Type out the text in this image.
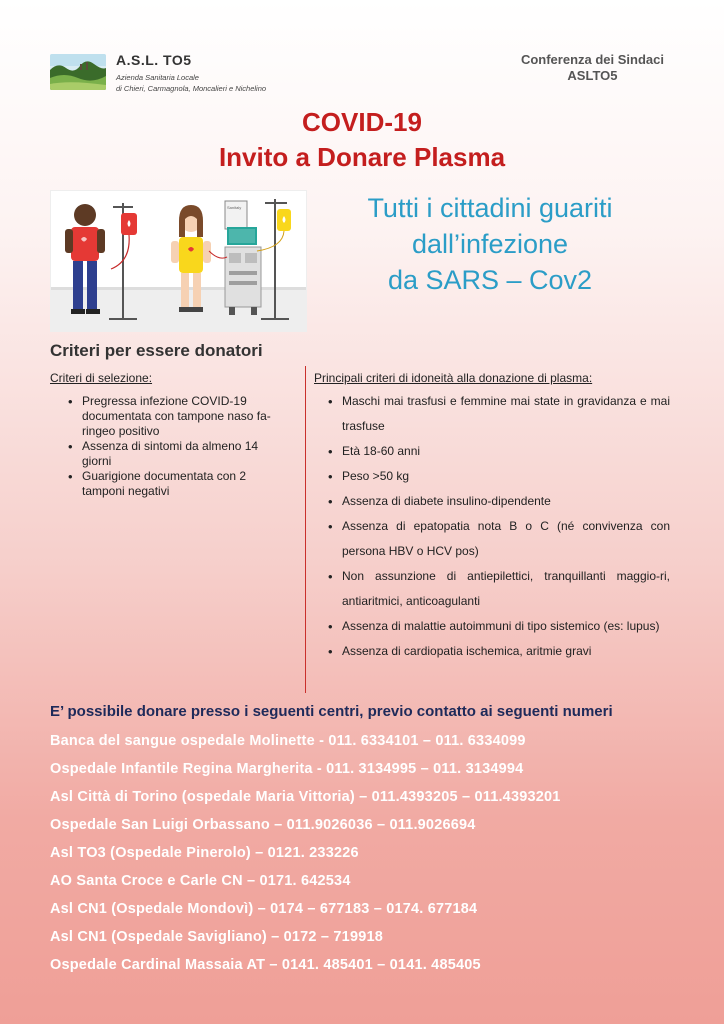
A.S.L. TO5
Azienda Sanitaria Locale
di Chieri, Carmagnola, Moncalieri e Nichelino
Conferenza dei Sindaci
ASLTO5
COVID-19
Invito a Donare Plasma
Sanitaly	Tutti i cittadini guariti
dall’infezione
da SARS – Cov2
Criteri per essere donatori
Criteri di selezione:
• Pregressa infezione COVID-19 documentata con tampone naso fa-ringeo positivo
• Assenza di sintomi da almeno 14 giorni
• Guarigione documentata con 2 tamponi negativi
Principali criteri di idoneità alla donazione di plasma:
• Maschi mai trasfusi e femmine mai state in gravidanza e mai trasfuse
• Età 18-60 anni
• Peso >50 kg
• Assenza di diabete insulino-dipendente
• Assenza di epatopatia nota B o C (né convivenza con persona HBV o HCV pos)
• Non assunzione di antiepilettici, tranquillanti maggio-ri, antiaritmici, anticoagulanti
• Assenza di malattie autoimmuni di tipo sistemico (es: lupus)
• Assenza di cardiopatia ischemica, aritmie gravi
E’ possibile donare presso i seguenti centri, previo contatto ai seguenti numeri
Banca del sangue ospedale Molinette - 011. 6334101 – 011. 6334099
Ospedale Infantile Regina Margherita - 011. 3134995 – 011. 3134994
Asl Città di Torino (ospedale Maria Vittoria) – 011.4393205 – 011.4393201
Ospedale San Luigi Orbassano – 011.9026036 – 011.9026694
Asl TO3 (Ospedale Pinerolo) – 0121. 233226
AO Santa Croce e Carle CN – 0171. 642534
Asl CN1 (Ospedale Mondovì) – 0174 – 677183 – 0174. 677184
Asl CN1 (Ospedale Savigliano) – 0172 – 719918
Ospedale Cardinal Massaia AT – 0141. 485401 – 0141. 485405
